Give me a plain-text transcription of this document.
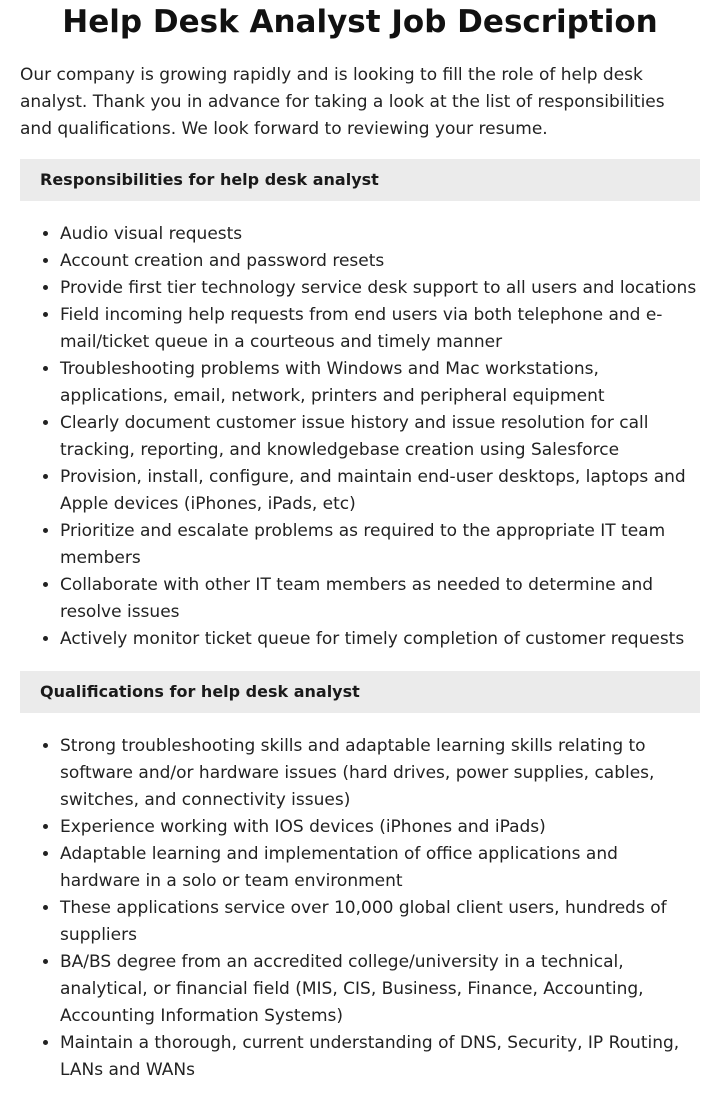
Help Desk Analyst Job Description

Our company is growing rapidly and is looking to fill the role of help desk analyst. Thank you in advance for taking a look at the list of responsibilities and qualifications. We look forward to reviewing your resume.

Responsibilities for help desk analyst
• Audio visual requests
• Account creation and password resets
• Provide first tier technology service desk support to all users and locations
• Field incoming help requests from end users via both telephone and e-mail/ticket queue in a courteous and timely manner
• Troubleshooting problems with Windows and Mac workstations, applications, email, network, printers and peripheral equipment
• Clearly document customer issue history and issue resolution for call tracking, reporting, and knowledgebase creation using Salesforce
• Provision, install, configure, and maintain end-user desktops, laptops and Apple devices (iPhones, iPads, etc)
• Prioritize and escalate problems as required to the appropriate IT team members
• Collaborate with other IT team members as needed to determine and resolve issues
• Actively monitor ticket queue for timely completion of customer requests
Qualifications for help desk analyst
• Strong troubleshooting skills and adaptable learning skills relating to software and/or hardware issues (hard drives, power supplies, cables, switches, and connectivity issues)
• Experience working with IOS devices (iPhones and iPads)
• Adaptable learning and implementation of office applications and hardware in a solo or team environment
• These applications service over 10,000 global client users, hundreds of suppliers
• BA/BS degree from an accredited college/university in a technical, analytical, or financial field (MIS, CIS, Business, Finance, Accounting, Accounting Information Systems)
• Maintain a thorough, current understanding of DNS, Security, IP Routing, LANs and WANs
